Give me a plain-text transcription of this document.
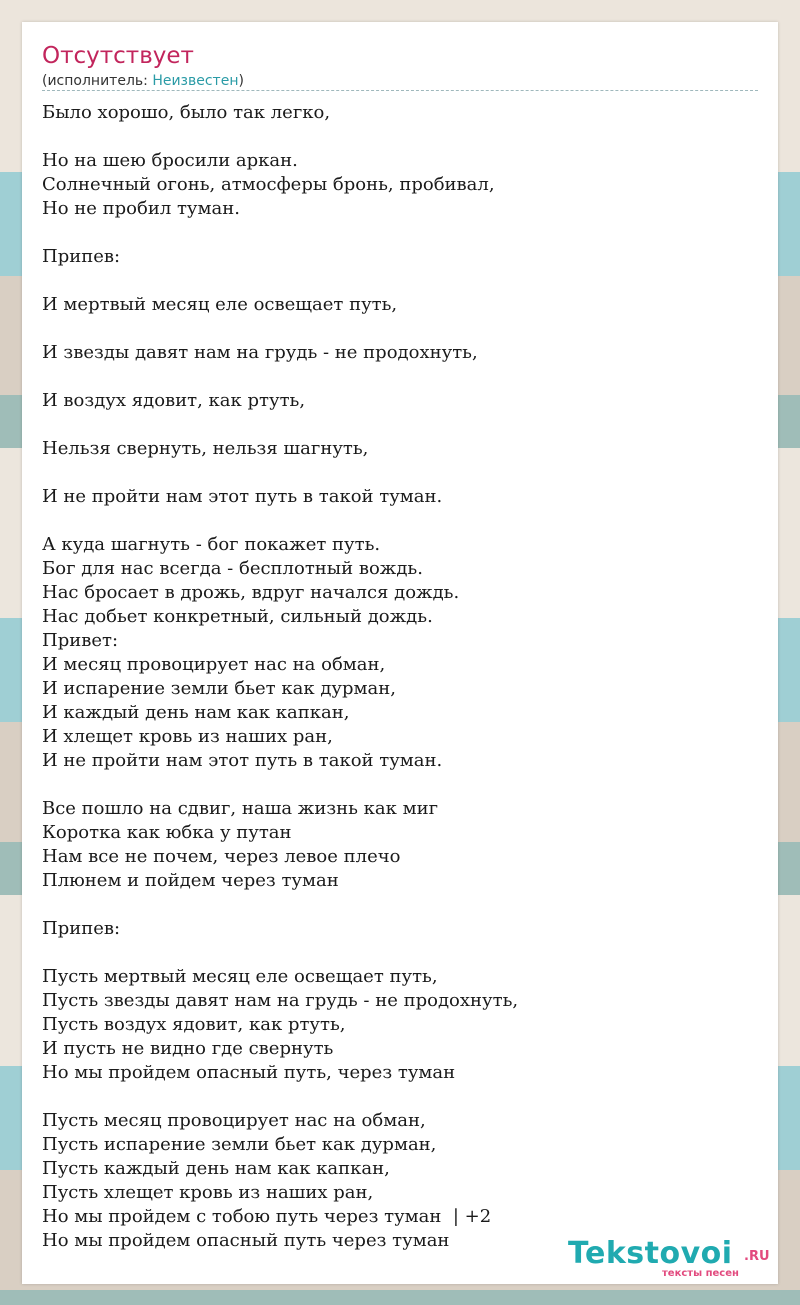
Отсутствует
(исполнитель: Неизвестен)
Было хорошо, было так легко,
Но на шею бросили аркан.
Солнечный огонь, атмосферы бронь, пробивал,
Но не пробил туман.
Припев:
И мертвый месяц еле освещает путь,
И звезды давят нам на грудь - не продохнуть,
И воздух ядовит, как ртуть,
Нельзя свернуть, нельзя шагнуть,
И не пройти нам этот путь в такой туман.
А куда шагнуть - бог покажет путь.
Бог для нас всегда - бесплотный вождь.
Нас бросает в дрожь, вдруг начался дождь.
Нас добьет конкретный, сильный дождь.
Привет:
И месяц провоцирует нас на обман,
И испарение земли бьет как дурман,
И каждый день нам как капкан,
И хлещет кровь из наших ран,
И не пройти нам этот путь в такой туман.
Все пошло на сдвиг, наша жизнь как миг
Коротка как юбка у путан
Нам все не почем, через левое плечо
Плюнем и пойдем через туман
Припев:
Пусть мертвый месяц еле освещает путь,
Пусть звезды давят нам на грудь - не продохнуть,
Пусть воздух ядовит, как ртуть,
И пусть не видно где свернуть
Но мы пройдем опасный путь, через туман
Пусть месяц провоцирует нас на обман,
Пусть испарение земли бьет как дурман,
Пусть каждый день нам как капкан,
Пусть хлещет кровь из наших ран,
Но мы пройдем с тобою путь через туман  | +2
Но мы пройдем опасный путь через туман	Tekstovoi .RU
тексты песен
